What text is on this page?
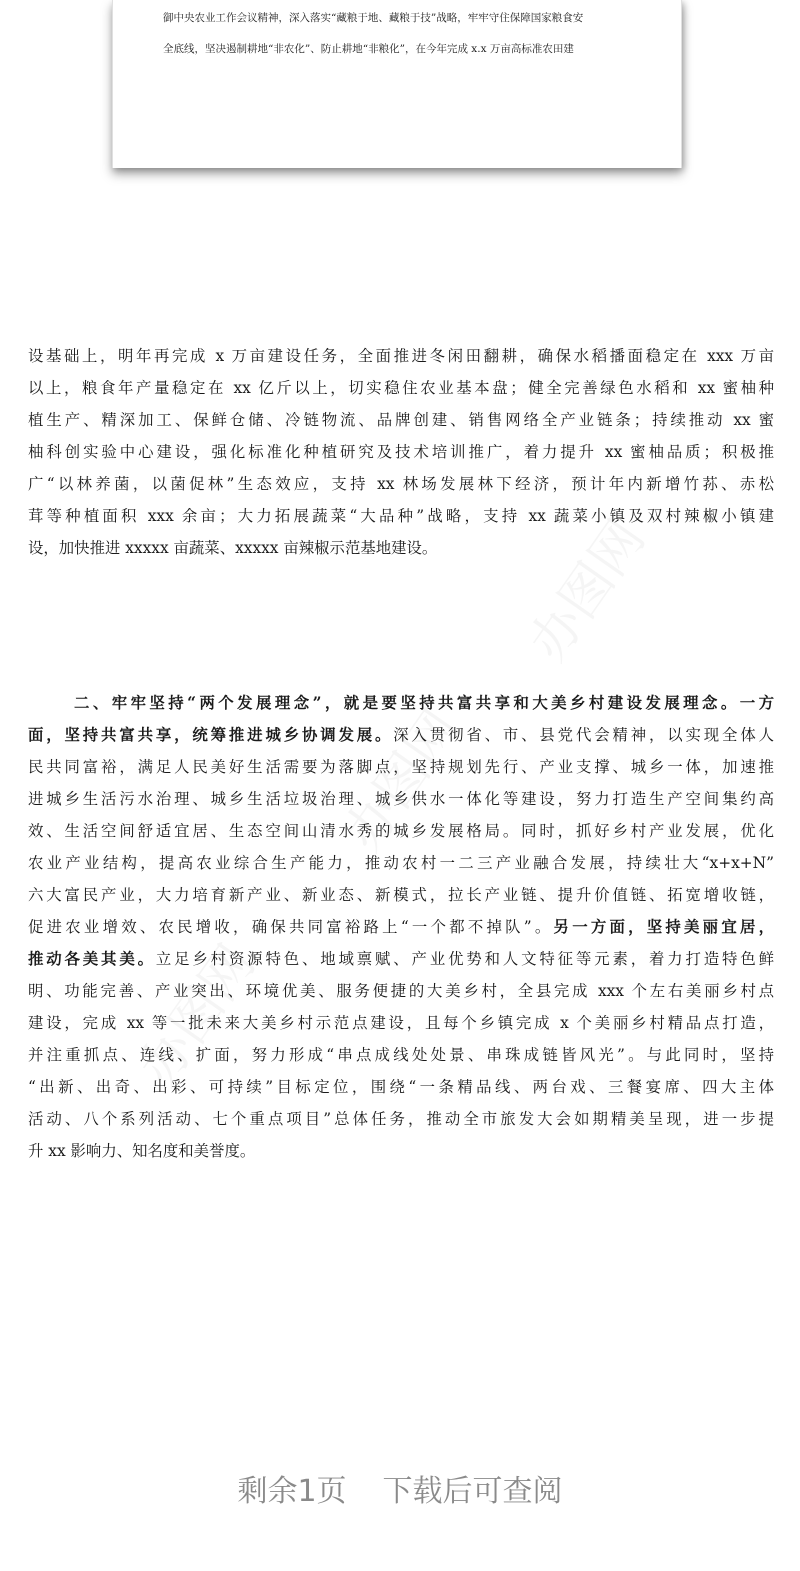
御中央农业工作会议精神，深入落实“藏粮于地、藏粮于技”战略，牢牢守住保障国家粮食安
全底线，坚决遏制耕地“非农化”、防止耕地“非粮化”，在今年完成 x.x 万亩高标准农田建
办图网
办图网
办图网
设基础上，明年再完成 x 万亩建设任务，全面推进冬闲田翻耕，确保水稻播面稳定在 xxx 万亩
以上，粮食年产量稳定在 xx 亿斤以上，切实稳住农业基本盘；健全完善绿色水稻和 xx 蜜柚种
植生产、精深加工、保鲜仓储、冷链物流、品牌创建、销售网络全产业链条；持续推动 xx 蜜
柚科创实验中心建设，强化标准化种植研究及技术培训推广，着力提升 xx 蜜柚品质；积极推
广“以林养菌，以菌促林”生态效应，支持 xx 林场发展林下经济，预计年内新增竹荪、赤松
茸等种植面积 xxx 余亩；大力拓展蔬菜“大品种”战略，支持 xx 蔬菜小镇及双村辣椒小镇建
设，加快推进 xxxxx 亩蔬菜、xxxxx 亩辣椒示范基地建设。
二、牢牢坚持“两个发展理念”，就是要坚持共富共享和大美乡村建设发展理念。一方
面，坚持共富共享，统筹推进城乡协调发展。深入贯彻省、市、县党代会精神，以实现全体人
民共同富裕，满足人民美好生活需要为落脚点，坚持规划先行、产业支撑、城乡一体，加速推
进城乡生活污水治理、城乡生活垃圾治理、城乡供水一体化等建设，努力打造生产空间集约高
效、生活空间舒适宜居、生态空间山清水秀的城乡发展格局。同时，抓好乡村产业发展，优化
农业产业结构，提高农业综合生产能力，推动农村一二三产业融合发展，持续壮大“x+x+N”
六大富民产业，大力培育新产业、新业态、新模式，拉长产业链、提升价值链、拓宽增收链，
促进农业增效、农民增收，确保共同富裕路上“一个都不掉队”。另一方面，坚持美丽宜居，
推动各美其美。立足乡村资源特色、地域禀赋、产业优势和人文特征等元素，着力打造特色鲜
明、功能完善、产业突出、环境优美、服务便捷的大美乡村，全县完成 xxx 个左右美丽乡村点
建设，完成 xx 等一批未来大美乡村示范点建设，且每个乡镇完成 x 个美丽乡村精品点打造，
并注重抓点、连线、扩面，努力形成“串点成线处处景、串珠成链皆风光”。与此同时，坚持
“出新、出奇、出彩、可持续”目标定位，围绕“一条精品线、两台戏、三餐宴席、四大主体
活动、八个系列活动、七个重点项目”总体任务，推动全市旅发大会如期精美呈现，进一步提
升 xx 影响力、知名度和美誉度。
剩余1页 下载后可查阅
